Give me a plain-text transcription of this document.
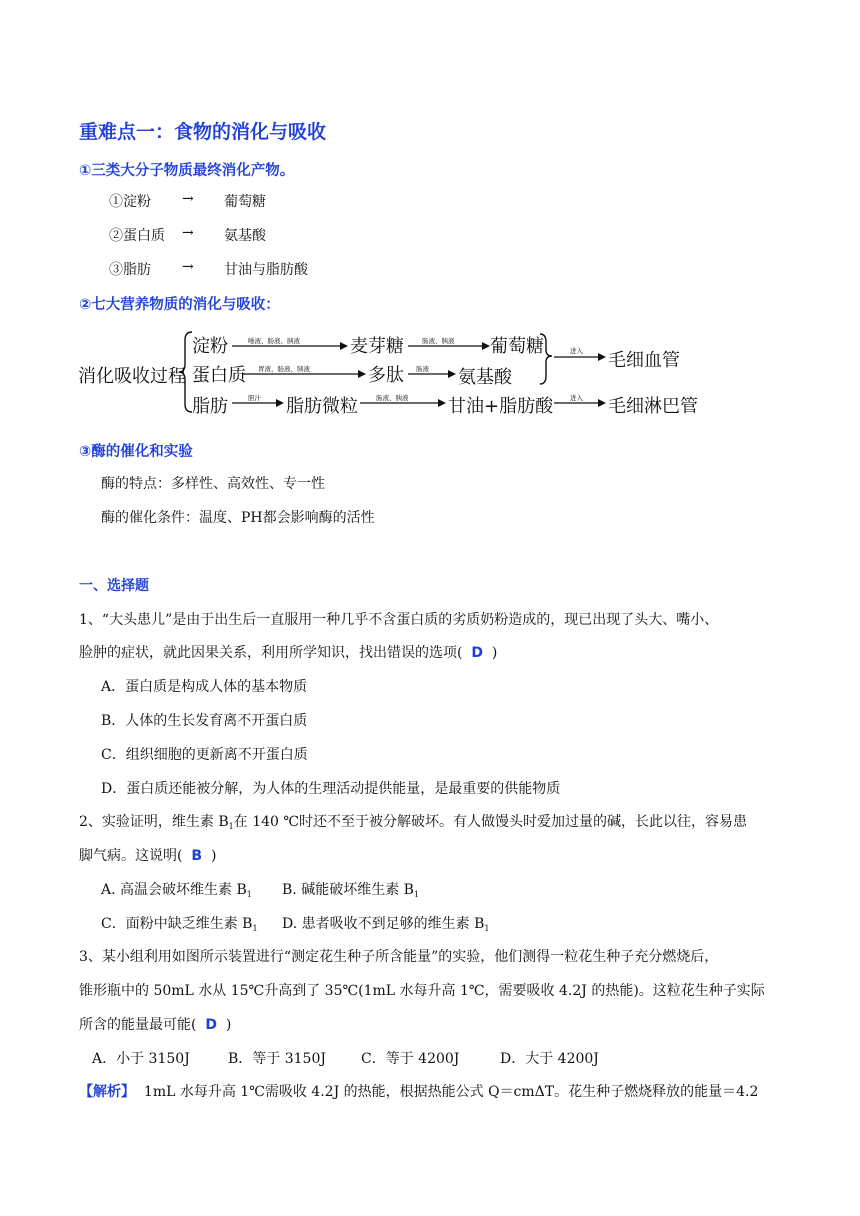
重难点一：食物的消化与吸收
①三类大分子物质最终消化产物。
①淀粉 → 葡萄糖
②蛋白质 → 氨基酸
③脂肪 → 甘油与脂肪酸
②七大营养物质的消化与吸收：
消化吸收过程
淀粉	唾液、肠液、胰液	麦芽糖	肠液、胰液 葡萄糖
蛋白质 胃液、肠液、胰液	多肽 肠液 氨基酸
进入 毛细血管
脂肪	胆汁 脂肪微粒	肠液、胰液 甘油+脂肪酸	进入 毛细淋巴管
③酶的催化和实验
酶的特点：多样性、高效性、专一性
酶的催化条件：温度、PH都会影响酶的活性
一、选择题
1、“大头患儿”是由于出生后一直服用一种几乎不含蛋白质的劣质奶粉造成的，现已出现了头大、嘴小、
脸肿的症状，就此因果关系，利用所学知识，找出错误的选项( D )
A．蛋白质是构成人体的基本物质
B．人体的生长发育离不开蛋白质
C．组织细胞的更新离不开蛋白质
D．蛋白质还能被分解，为人体的生理活动提供能量，是最重要的供能物质
2、实验证明，维生素 $B_1$在 140 ℃时还不至于被分解破坏。有人做馒头时爱加过量的碱，长此以往，容易患
脚气病。这说明( B )
A. 高温会破坏维生素 $B_1$ B. 碱能破坏维生素 $B_1$
C．面粉中缺乏维生素 $B_1$ D. 患者吸收不到足够的维生素 $B_1$
3、某小组利用如图所示装置进行“测定花生种子所含能量”的实验，他们测得一粒花生种子充分燃烧后，
锥形瓶中的 50mL 水从 15℃升高到了 35℃(1mL 水每升高 1℃，需要吸收 4.2J 的热能)。这粒花生种子实际
所含的能量最可能( D )
A．小于 3150J	B．等于 3150J	C．等于 4200J	D．大于 4200J
【解析】 1mL 水每升高 1℃需吸收 4.2J 的热能，根据热能公式 Q＝cmΔT。花生种子燃烧释放的能量＝4.2
